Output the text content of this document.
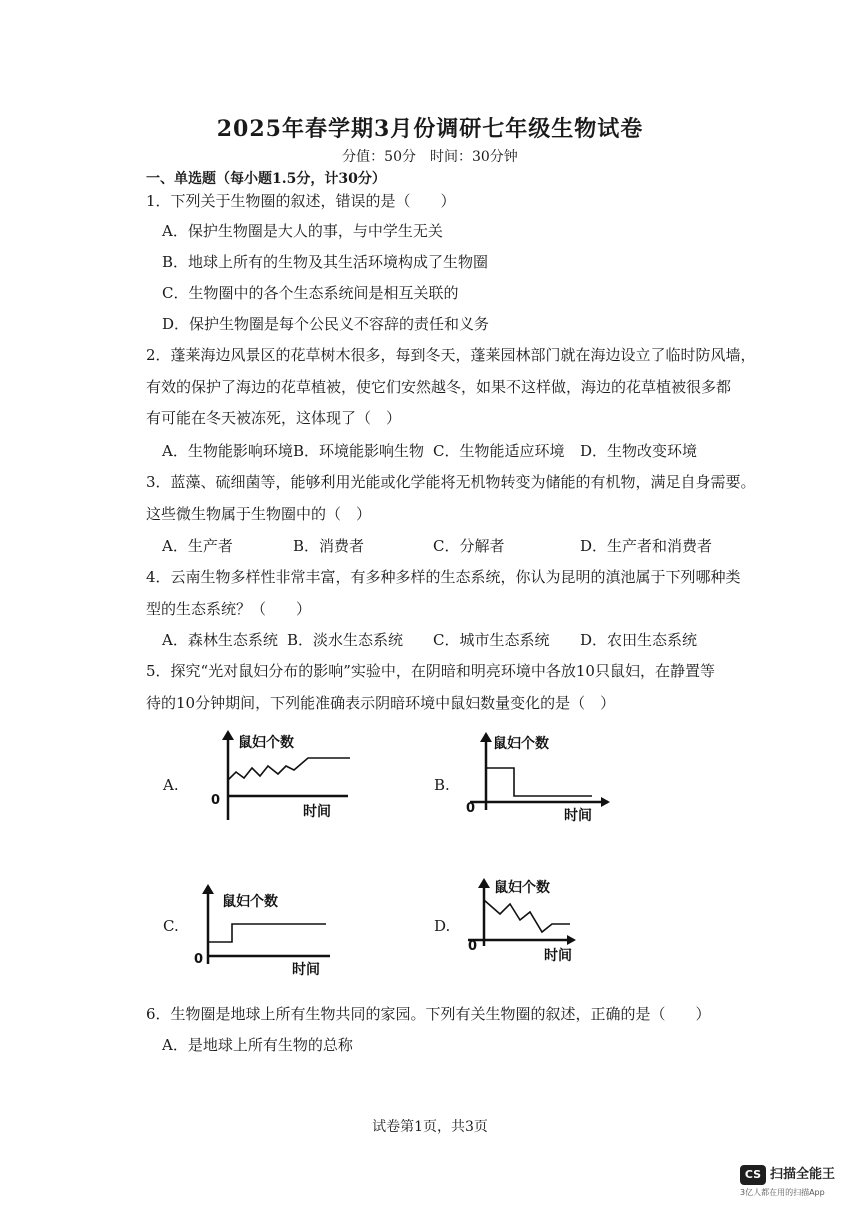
2025年春学期3月份调研七年级生物试卷
分值：50分　时间：30分钟
一、单选题（每小题1.5分，计30分）
1．下列关于生物圈的叙述，错误的是（　　）
A．保护生物圈是大人的事，与中学生无关
B．地球上所有的生物及其生活环境构成了生物圈
C．生物圈中的各个生态系统间是相互关联的
D．保护生物圈是每个公民义不容辞的责任和义务
2．蓬莱海边风景区的花草树木很多，每到冬天，蓬莱园林部门就在海边设立了临时防风墙，
有效的保护了海边的花草植被，使它们安然越冬，如果不这样做，海边的花草植被很多都
有可能在冬天被冻死，这体现了（　）
A．生物能影响环境 B．环境能影响生物 C．生物能适应环境 D．生物改变环境
3．蓝藻、硫细菌等，能够利用光能或化学能将无机物转变为储能的有机物，满足自身需要。
这些微生物属于生物圈中的（　）
A．生产者	B．消费者	C．分解者	D．生产者和消费者
4．云南生物多样性非常丰富，有多种多样的生态系统，你认为昆明的滇池属于下列哪种类
型的生态系统？（　　）
A．森林生态系统 B．淡水生态系统 C．城市生态系统 D．农田生态系统
5．探究“光对鼠妇分布的影响”实验中，在阴暗和明亮环境中各放10只鼠妇，在静置等
待的10分钟期间，下列能准确表示阴暗环境中鼠妇数量变化的是（　）
A.
鼠妇个数
时间
0
B.
鼠妇个数
时间
0
C.
鼠妇个数
时间
0
D.
鼠妇个数
时间
0
6．生物圈是地球上所有生物共同的家园。下列有关生物圈的叙述，正确的是（　　）
A．是地球上所有生物的总称
试卷第1页，共3页
CS 扫描全能王
3亿人都在用的扫描App
